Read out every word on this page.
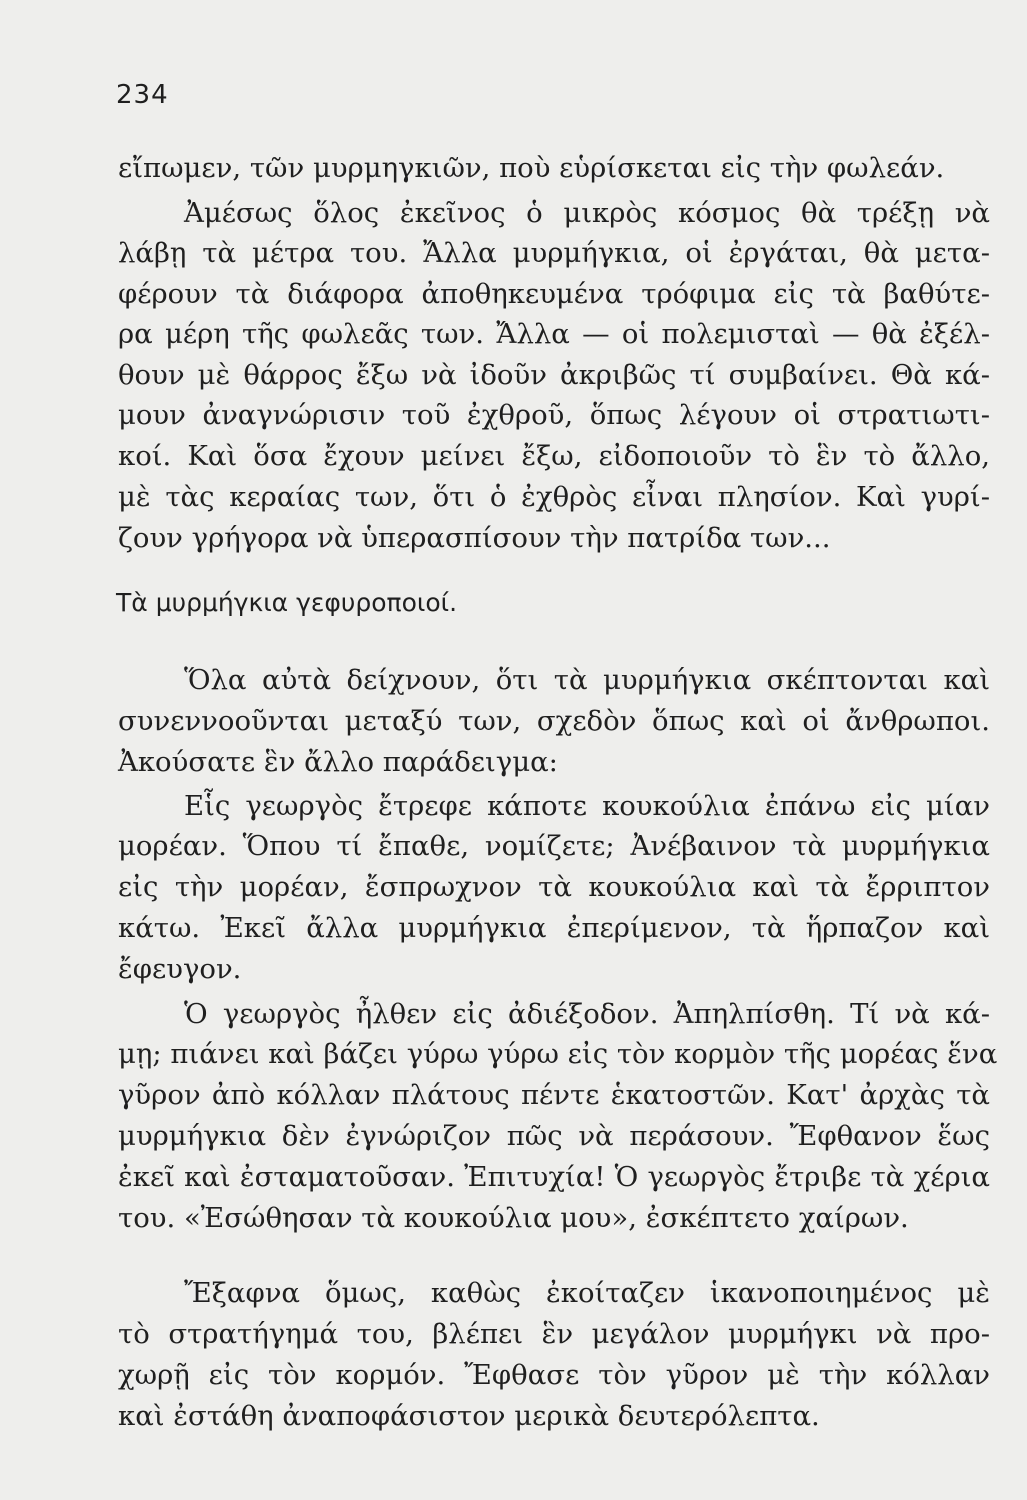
234
εἴπωμεν, τῶν μυρμηγκιῶν, ποὺ εὑρίσκεται εἰς τὴν φωλεάν.
Ἀμέσως ὅλος ἐκεῖνος ὁ μικρὸς κόσμος θὰ τρέξῃ νὰ
λάβῃ τὰ μέτρα του. Ἄλλα μυρμήγκια, οἱ ἐργάται, θὰ μετα-
φέρουν τὰ διάφορα ἀποθηκευμένα τρόφιμα εἰς τὰ βαθύτε-
ρα μέρη τῆς φωλεᾶς των. Ἄλλα — οἱ πολεμισταὶ — θὰ ἐξέλ-
θουν μὲ θάρρος ἔξω νὰ ἰδοῦν ἀκριβῶς τί συμβαίνει. Θὰ κά-
μουν ἀναγνώρισιν τοῦ ἐχθροῦ, ὅπως λέγουν οἱ στρατιωτι-
κοί. Καὶ ὅσα ἔχουν μείνει ἔξω, εἰδοποιοῦν τὸ ἓν τὸ ἄλλο,
μὲ τὰς κεραίας των, ὅτι ὁ ἐχθρὸς εἶναι πλησίον. Καὶ γυρί-
ζουν γρήγορα νὰ ὑπερασπίσουν τὴν πατρίδα των...
Τὰ μυρμήγκια γεφυροποιοί.
Ὅλα αὐτὰ δείχνουν, ὅτι τὰ μυρμήγκια σκέπτονται καὶ
συνεννοοῦνται μεταξύ των, σχεδὸν ὅπως καὶ οἱ ἄνθρωποι.
Ἀκούσατε ἓν ἄλλο παράδειγμα:
Εἷς γεωργὸς ἔτρεφε κάποτε κουκούλια ἐπάνω εἰς μίαν
μορέαν. Ὅπου τί ἔπαθε, νομίζετε; Ἀνέβαινον τὰ μυρμήγκια
εἰς τὴν μορέαν, ἔσπρωχνον τὰ κουκούλια καὶ τὰ ἔρριπτον
κάτω. Ἐκεῖ ἄλλα μυρμήγκια ἐπερίμενον, τὰ ἥρπαζον καὶ
ἔφευγον.
Ὁ γεωργὸς ἦλθεν εἰς ἀδιέξοδον. Ἀπηλπίσθη. Τί νὰ κά-
μῃ; πιάνει καὶ βάζει γύρω γύρω εἰς τὸν κορμὸν τῆς μορέας ἕνα
γῦρον ἀπὸ κόλλαν πλάτους πέντε ἑκατοστῶν. Κατ' ἀρχὰς τὰ
μυρμήγκια δὲν ἐγνώριζον πῶς νὰ περάσουν. Ἔφθανον ἕως
ἐκεῖ καὶ ἐσταματοῦσαν. Ἐπιτυχία! Ὁ γεωργὸς ἔτριβε τὰ χέρια
του. «Ἐσώθησαν τὰ κουκούλια μου», ἐσκέπτετο χαίρων.
Ἔξαφνα ὅμως, καθὼς ἐκοίταζεν ἱκανοποιημένος μὲ
τὸ στρατήγημά του, βλέπει ἓν μεγάλον μυρμήγκι νὰ προ-
χωρῇ εἰς τὸν κορμόν. Ἔφθασε τὸν γῦρον μὲ τὴν κόλλαν
καὶ ἐστάθη ἀναποφάσιστον μερικὰ δευτερόλεπτα.
